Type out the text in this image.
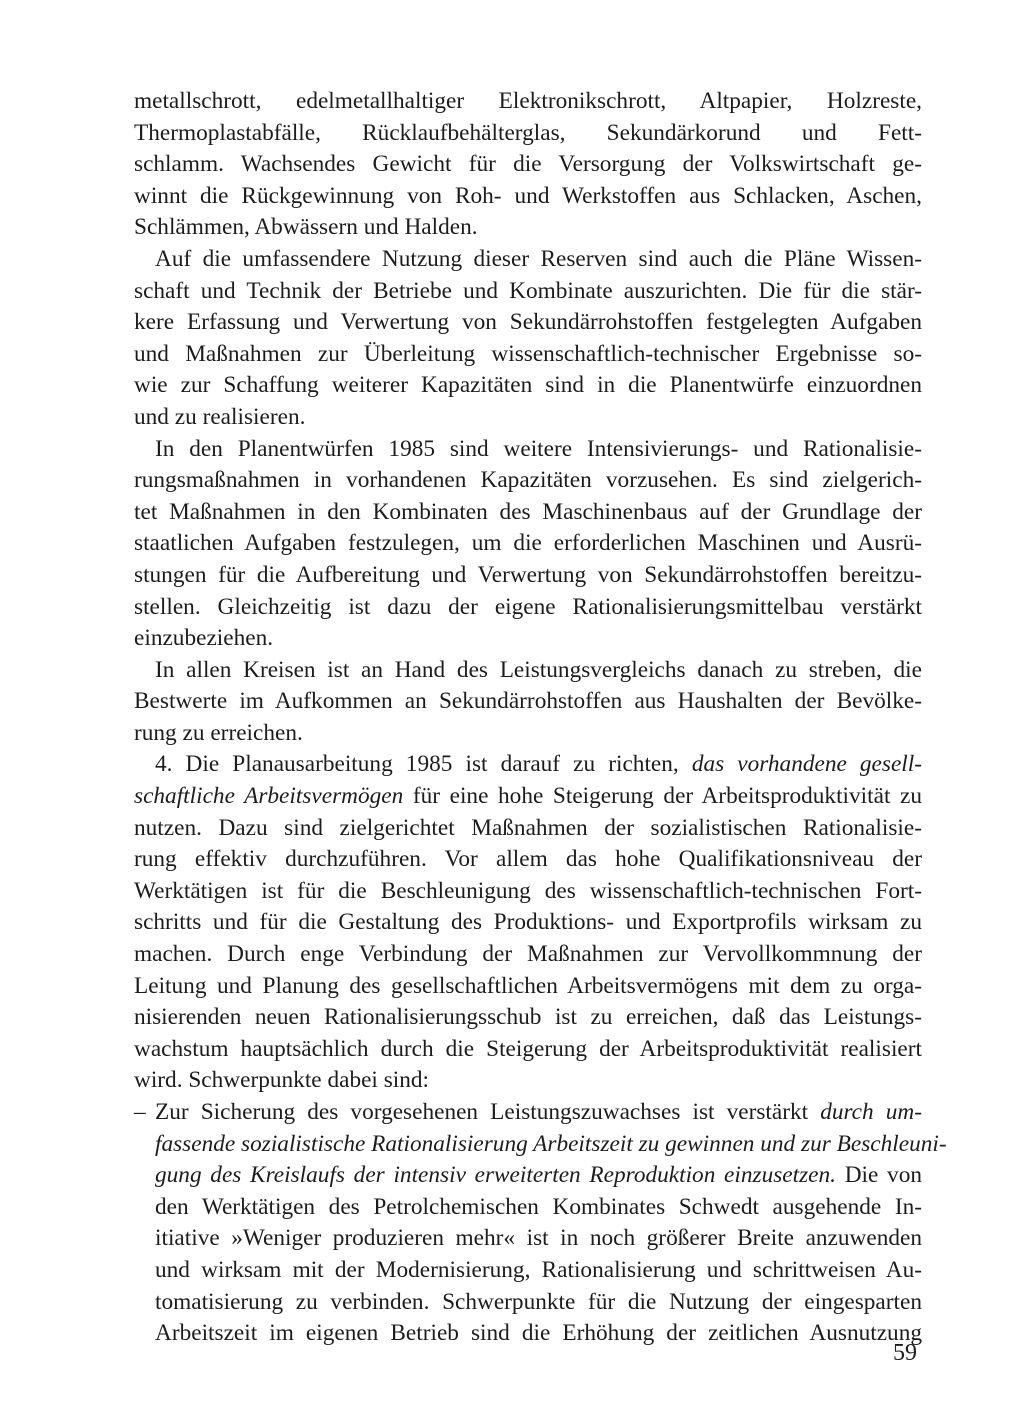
metallschrott, edelmetallhaltiger Elektronikschrott, Altpapier, Holzreste,
Thermoplastabfälle, Rücklaufbehälterglas, Sekundärkorund und Fett-
schlamm. Wachsendes Gewicht für die Versorgung der Volkswirtschaft ge-
winnt die Rückgewinnung von Roh- und Werkstoffen aus Schlacken, Aschen,
Schlämmen, Abwässern und Halden.
Auf die umfassendere Nutzung dieser Reserven sind auch die Pläne Wissen-
schaft und Technik der Betriebe und Kombinate auszurichten. Die für die stär-
kere Erfassung und Verwertung von Sekundärrohstoffen festgelegten Aufgaben
und Maßnahmen zur Überleitung wissenschaftlich-technischer Ergebnisse so-
wie zur Schaffung weiterer Kapazitäten sind in die Planentwürfe einzuordnen
und zu realisieren.
In den Planentwürfen 1985 sind weitere Intensivierungs- und Rationalisie-
rungsmaßnahmen in vorhandenen Kapazitäten vorzusehen. Es sind zielgerich-
tet Maßnahmen in den Kombinaten des Maschinenbaus auf der Grundlage der
staatlichen Aufgaben festzulegen, um die erforderlichen Maschinen und Ausrü-
stungen für die Aufbereitung und Verwertung von Sekundärrohstoffen bereitzu-
stellen. Gleichzeitig ist dazu der eigene Rationalisierungsmittelbau verstärkt
einzubeziehen.
In allen Kreisen ist an Hand des Leistungsvergleichs danach zu streben, die
Bestwerte im Aufkommen an Sekundärrohstoffen aus Haushalten der Bevölke-
rung zu erreichen.
4. Die Planausarbeitung 1985 ist darauf zu richten, das vorhandene gesell-
schaftliche Arbeitsvermögen für eine hohe Steigerung der Arbeitsproduktivität zu
nutzen. Dazu sind zielgerichtet Maßnahmen der sozialistischen Rationalisie-
rung effektiv durchzuführen. Vor allem das hohe Qualifikationsniveau der
Werktätigen ist für die Beschleunigung des wissenschaftlich-technischen Fort-
schritts und für die Gestaltung des Produktions- und Exportprofils wirksam zu
machen. Durch enge Verbindung der Maßnahmen zur Vervollkommnung der
Leitung und Planung des gesellschaftlichen Arbeitsvermögens mit dem zu orga-
nisierenden neuen Rationalisierungsschub ist zu erreichen, daß das Leistungs-
wachstum hauptsächlich durch die Steigerung der Arbeitsproduktivität realisiert
wird. Schwerpunkte dabei sind:
– Zur Sicherung des vorgesehenen Leistungszuwachses ist verstärkt durch um-
fassende sozialistische Rationalisierung Arbeitszeit zu gewinnen und zur Beschleuni-
gung des Kreislaufs der intensiv erweiterten Reproduktion einzusetzen. Die von
den Werktätigen des Petrolchemischen Kombinates Schwedt ausgehende In-
itiative »Weniger produzieren mehr« ist in noch größerer Breite anzuwenden
und wirksam mit der Modernisierung, Rationalisierung und schrittweisen Au-
tomatisierung zu verbinden. Schwerpunkte für die Nutzung der eingesparten
Arbeitszeit im eigenen Betrieb sind die Erhöhung der zeitlichen Ausnutzung
59
